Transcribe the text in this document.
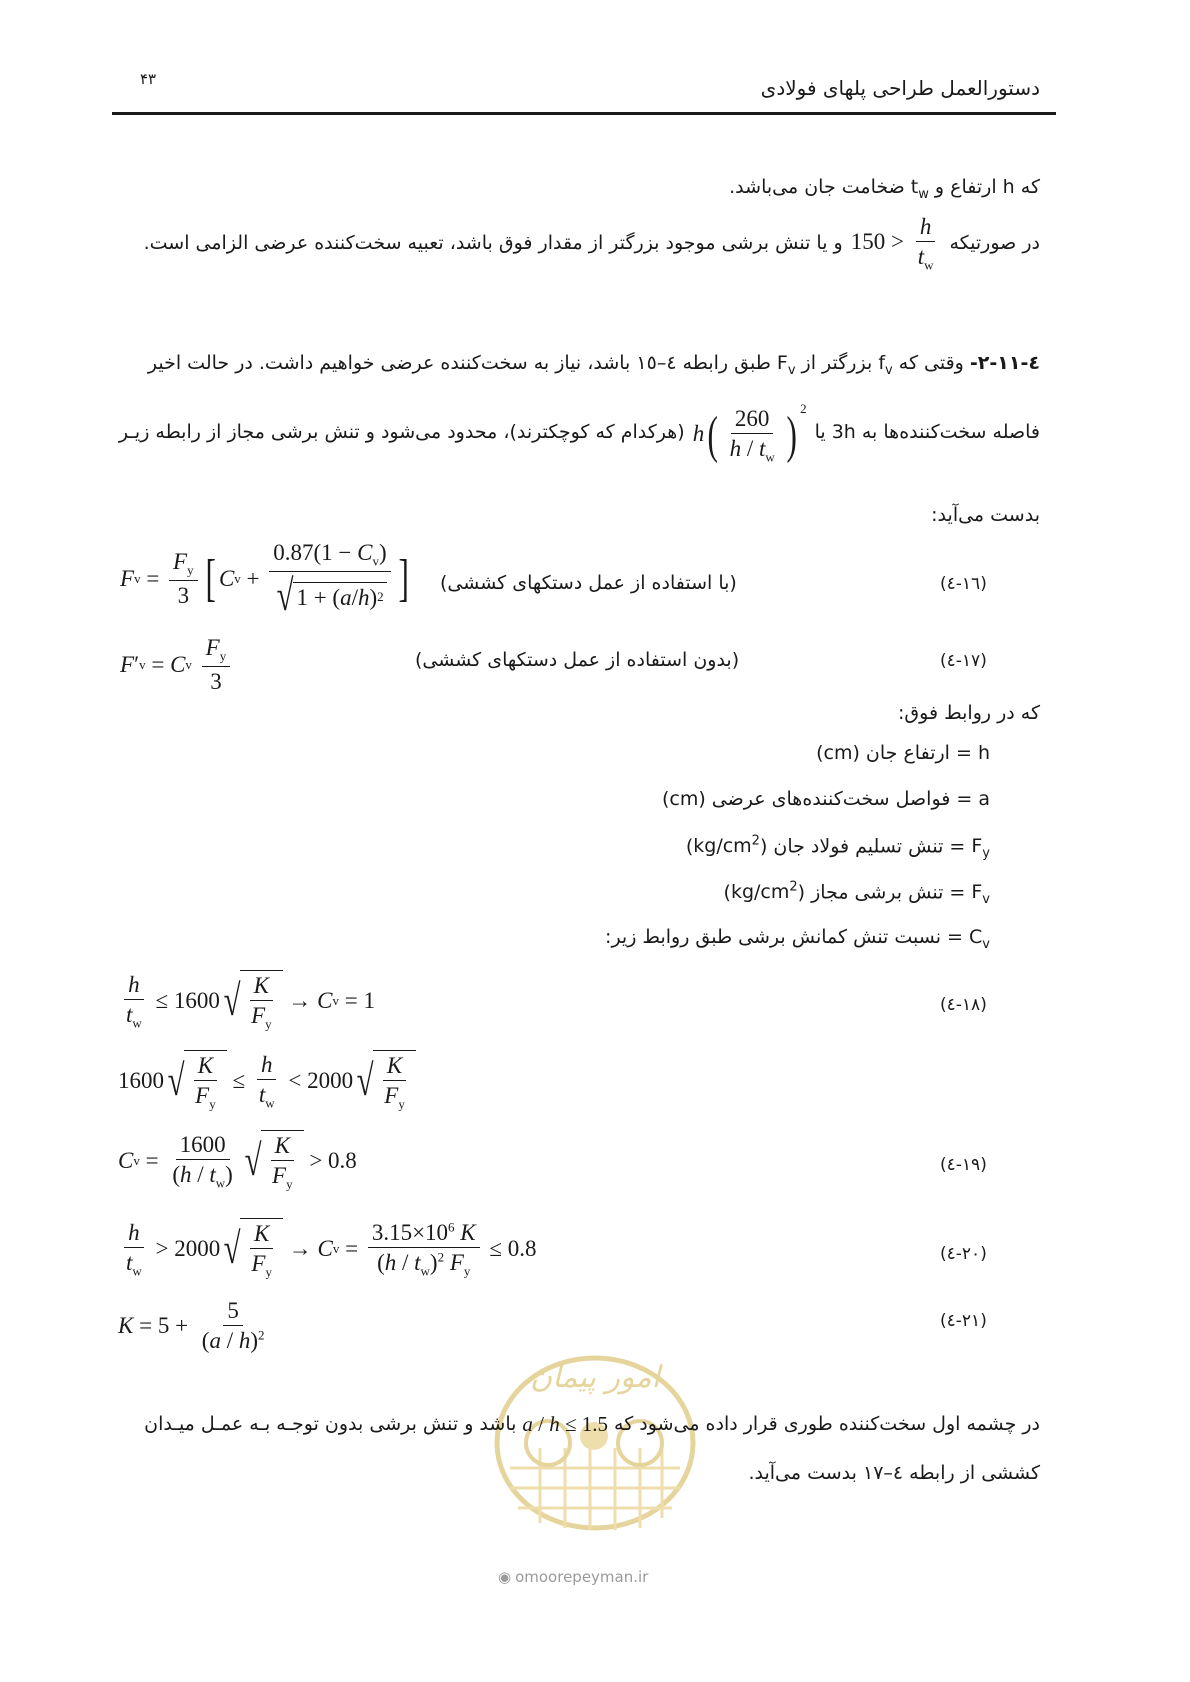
۴۳	دستورالعمل طراحی پلهای فولادی
که h ارتفاع و $t_w$ ضخامت جان می‌باشد.
در صورتیکه
$150 > \frac{h}{t_w}$
و یا تنش برشی موجود بزرگتر از مقدار فوق باشد، تعبیه سخت‌کننده عرضی الزامی است.
٤-١١-٢- وقتی که $f_v$ بزرگتر از $F_v$ طبق رابطه ٤–١٥ باشد، نیاز به سخت‌کننده عرضی خواهیم داشت. در حالت اخیر
فاصله سخت‌کننده‌ها به 3h یا
$h( \frac{260}{h / t_w}$ ) $^2$
(هرکدام که کوچکترند)، محدود می‌شود و تنش برشی مجاز از رابطه زیـر
بدست می‌آید:
F $v = \frac{F_y}{3}$ [ C $v + \frac{0.87(1 - C_v)}{√ 1 + ( a / h ) 2}$ ] (با استفاده از عمل دستکهای کششی)	(١٦-٤)
F ′ v = C v
$\frac{F_y}{3}$	(بدون استفاده از عمل دستکهای کششی)	(١٧-٤)
که در روابط فوق:
h = ارتفاع جان (cm)
a = فواصل سخت‌کننده‌های عرضی (cm)
$F_y$ = تنش تسلیم فولاد جان $(kg/cm^2)$
$F_v$ = تنش برشی مجاز $(kg/cm^2)$
$C_v$ = نسبت تنش کمانش برشی طبق روابط زیر:
$\frac{h}{t_w} \le 1600$ √ $\frac{K}{F_y} \to C$ v = 1	(١٨-٤)
1600 √ $\frac{K}{F_y} \le \frac{h}{t_w} < 2000$ √ $\frac{K}{F_y}$
C $v = \frac{1600}{(h / t_w)}$ √ $\frac{K}{F_y} > 0.8$	(١٩-٤)
$\frac{h}{t_w} > 2000$ √ $\frac{K}{F_y} \to C$ $v = \frac{3.15\times 10^6 K}{(h / t_w)^2 F_y} \le 0.8$	(٢٠-٤)
$K = 5 + \frac{5}{(a / h)^2}$	(٢١-٤)
امور پیمان
در چشمه اول سخت‌کننده طوری قرار داده می‌شود که
a / h ≤ 1.5
باشد و تنش برشی بدون توجـه بـه عمـل میـدان
کششی از رابطه ٤–١٧ بدست می‌آید.
◉ omoorepeyman.ir
